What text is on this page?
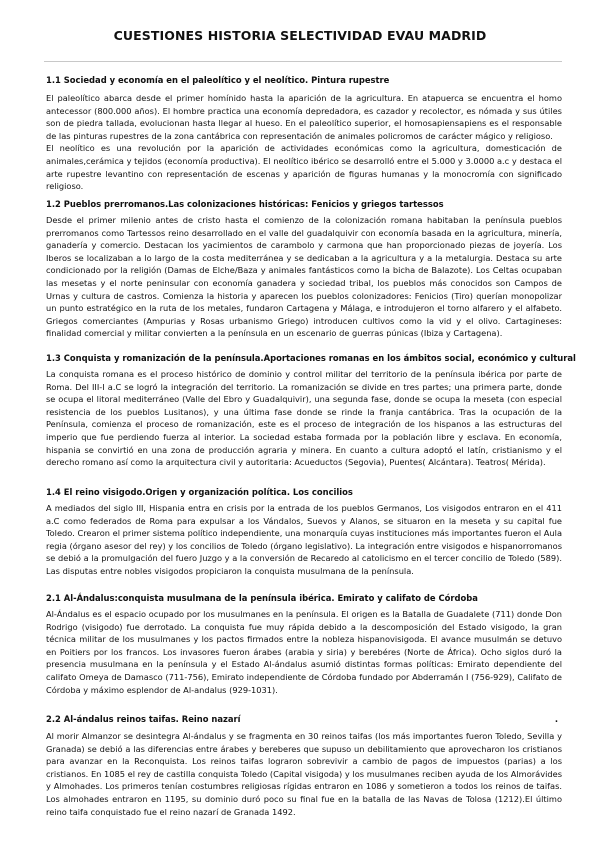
CUESTIONES HISTORIA SELECTIVIDAD EVAU MADRID
1.1 Sociedad y economía en el paleolítico y el neolítico. Pintura rupestre

El paleolítico abarca desde el primer homínido hasta la aparición de la agricultura. En atapuerca se encuentra el homo antecessor (800.000 años). El hombre practica una economía depredadora, es cazador y recolector, es nómada y sus útiles son de piedra tallada, evolucionan hasta llegar al hueso. En el paleolítico superior, el homosapiensapiens es el responsable de las pinturas rupestres de la zona cantábrica con representación de animales policromos de carácter mágico y religioso.

El neolítico es una revolución por la aparición de actividades económicas como la agricultura, domesticación de animales,cerámica y tejidos (economía productiva). El neolítico ibérico se desarrolló entre el 5.000 y 3.0000 a.c y destaca el arte rupestre levantino con representación de escenas y aparición de figuras humanas y la monocromía con significado religioso.

1.2 Pueblos prerromanos.Las colonizaciones históricas: Fenicios y griegos tartessos

Desde el primer milenio antes de cristo hasta el comienzo de la colonización romana habitaban la península pueblos prerromanos como Tartessos reino desarrollado en el valle del guadalquivir con economía basada en la agricultura, minería, ganadería y comercio. Destacan los yacimientos de carambolo y carmona que han proporcionado piezas de joyería. Los Iberos se localizaban a lo largo de la costa mediterránea y se dedicaban a la agricultura y a la metalurgia. Destaca su arte condicionado por la religión (Damas de Elche/Baza y animales fantásticos como la bicha de Balazote). Los Celtas ocupaban las mesetas y el norte peninsular con economía ganadera y sociedad tribal, los pueblos más conocidos son Campos de Urnas y cultura de castros. Comienza la historia y aparecen los pueblos colonizadores: Fenicios (Tiro) querían monopolizar un punto estratégico en la ruta de los metales, fundaron Cartagena y Málaga, e introdujeron el torno alfarero y el alfabeto. Griegos comerciantes (Ampurias y Rosas urbanismo Griego) introducen cultivos como la vid y el olivo. Cartagineses: finalidad comercial y militar convierten a la península en un escenario de guerras púnicas (Ibiza y Cartagena).

1.3 Conquista y romanización de la península.Aportaciones romanas en los ámbitos social, económico y cultural

La conquista romana es el proceso histórico de dominio y control militar del territorio de la península ibérica por parte de Roma. Del III-I a.C se logró la integración del territorio. La romanización se divide en tres partes; una primera parte, donde se ocupa el litoral mediterráneo (Valle del Ebro y Guadalquivir), una segunda fase, donde se ocupa la meseta (con especial resistencia de los pueblos Lusitanos), y una última fase donde se rinde la franja cantábrica. Tras la ocupación de la Península, comienza el proceso de romanización, este es el proceso de integración de los hispanos a las estructuras del imperio que fue perdiendo fuerza al interior. La sociedad estaba formada por la población libre y esclava. En economía, hispania se convirtió en una zona de producción agraria y minera. En cuanto a cultura adoptó el latín, cristianismo y el derecho romano así como la arquitectura civil y autoritaria: Acueductos (Segovia), Puentes( Alcántara). Teatros( Mérida).

1.4 El reino visigodo.Origen y organización política. Los concilios

A mediados del siglo III, Hispania entra en crisis por la entrada de los pueblos Germanos, Los visigodos entraron en el 411 a.C como federados de Roma para expulsar a los Vándalos, Suevos y Alanos, se situaron en la meseta y su capital fue Toledo. Crearon el primer sistema político independiente, una monarquía cuyas instituciones más importantes fueron el Aula regia (órgano asesor del rey) y los concilios de Toledo (órgano legislativo). La integración entre visigodos e hispanorromanos se debió a la promulgación del fuero Juzgo y a la conversión de Recaredo al catolicismo en el tercer concilio de Toledo (589). Las disputas entre nobles visigodos propiciaron la conquista musulmana de la península.

2.1 Al-Ándalus:conquista musulmana de la península ibérica. Emirato y califato de Córdoba

Al-Ándalus es el espacio ocupado por los musulmanes en la península. El origen es la Batalla de Guadalete (711) donde Don Rodrigo (visigodo) fue derrotado. La conquista fue muy rápida debido a la descomposición del Estado visigodo, la gran técnica militar de los musulmanes y los pactos firmados entre la nobleza hispanovisigoda. El avance musulmán se detuvo en Poitiers por los francos. Los invasores fueron árabes (arabia y siria) y berebéres (Norte de África). Ocho siglos duró la presencia musulmana en la península y el Estado Al-ándalus asumió distintas formas políticas: Emirato dependiente del califato Omeya de Damasco (711-756), Emirato independiente de Córdoba fundado por Abderramán I (756-929), Califato de Córdoba y máximo esplendor de Al-andalus (929-1031).

2.2 Al-ándalus reinos taifas. Reino nazarí	.

Al morir Almanzor se desintegra Al-ándalus y se fragmenta en 30 reinos taifas (los más importantes fueron Toledo, Sevilla y Granada) se debió a las diferencias entre árabes y bereberes que supuso un debilitamiento que aprovecharon los cristianos para avanzar en la Reconquista. Los reinos taifas lograron sobrevivir a cambio de pagos de impuestos (parias) a los cristianos. En 1085 el rey de castilla conquista Toledo (Capital visigoda) y los musulmanes reciben ayuda de los Almorávides y Almohades. Los primeros tenían costumbres religiosas rígidas entraron en 1086 y sometieron a todos los reinos de taifas. Los almohades entraron en 1195, su dominio duró poco su final fue en la batalla de las Navas de Tolosa (1212).El último reino taifa conquistado fue el reino nazarí de Granada 1492.
